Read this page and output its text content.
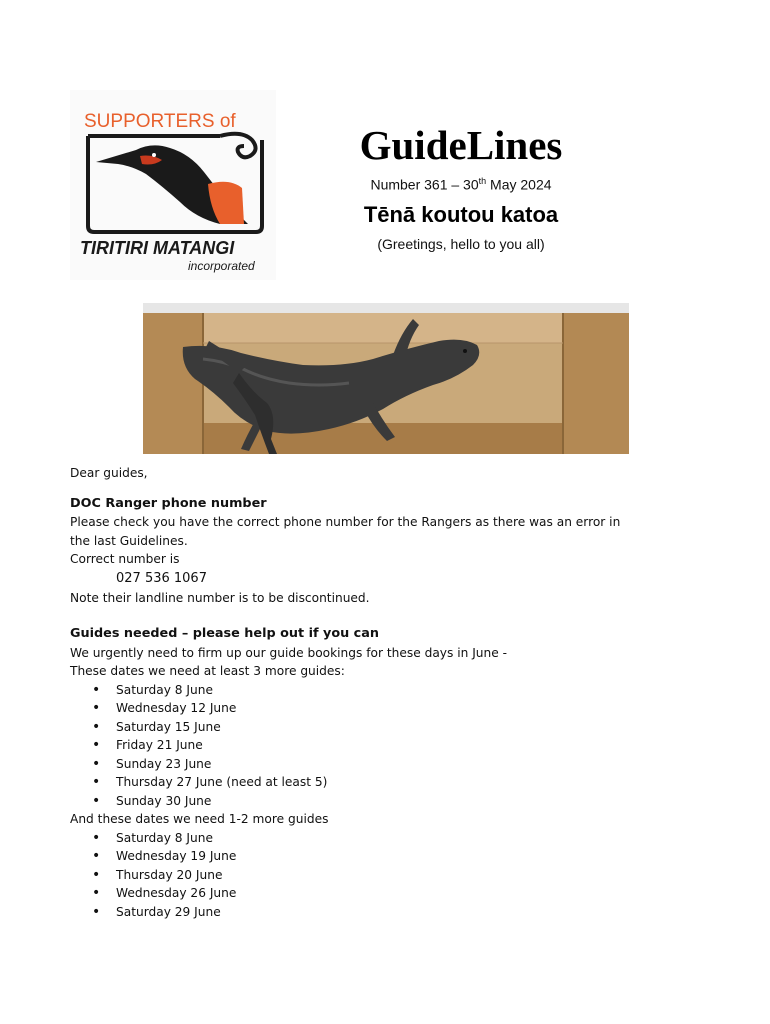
SUPPORTERS of
TIRITIRI MATANGI
incorporated
GuideLines
Number 361 – 30th May 2024
Tēnā koutou katoa
(Greetings, hello to you all)

Dear guides,

DOC Ranger phone number

Please check you have the correct phone number for the Rangers as there was an error in

the last Guidelines.

Correct number is

027 536 1067

Note their landline number is to be discontinued.

Guides needed – please help out if you can

We urgently need to firm up our guide bookings for these days in June -

These dates we need at least 3 more guides:

• Saturday 8 June
• Wednesday 12 June
• Saturday 15 June
• Friday 21 June
• Sunday 23 June
• Thursday 27 June (need at least 5)
• Sunday 30 June

And these dates we need 1-2 more guides

• Saturday 8 June
• Wednesday 19 June
• Thursday 20 June
• Wednesday 26 June
• Saturday 29 June
